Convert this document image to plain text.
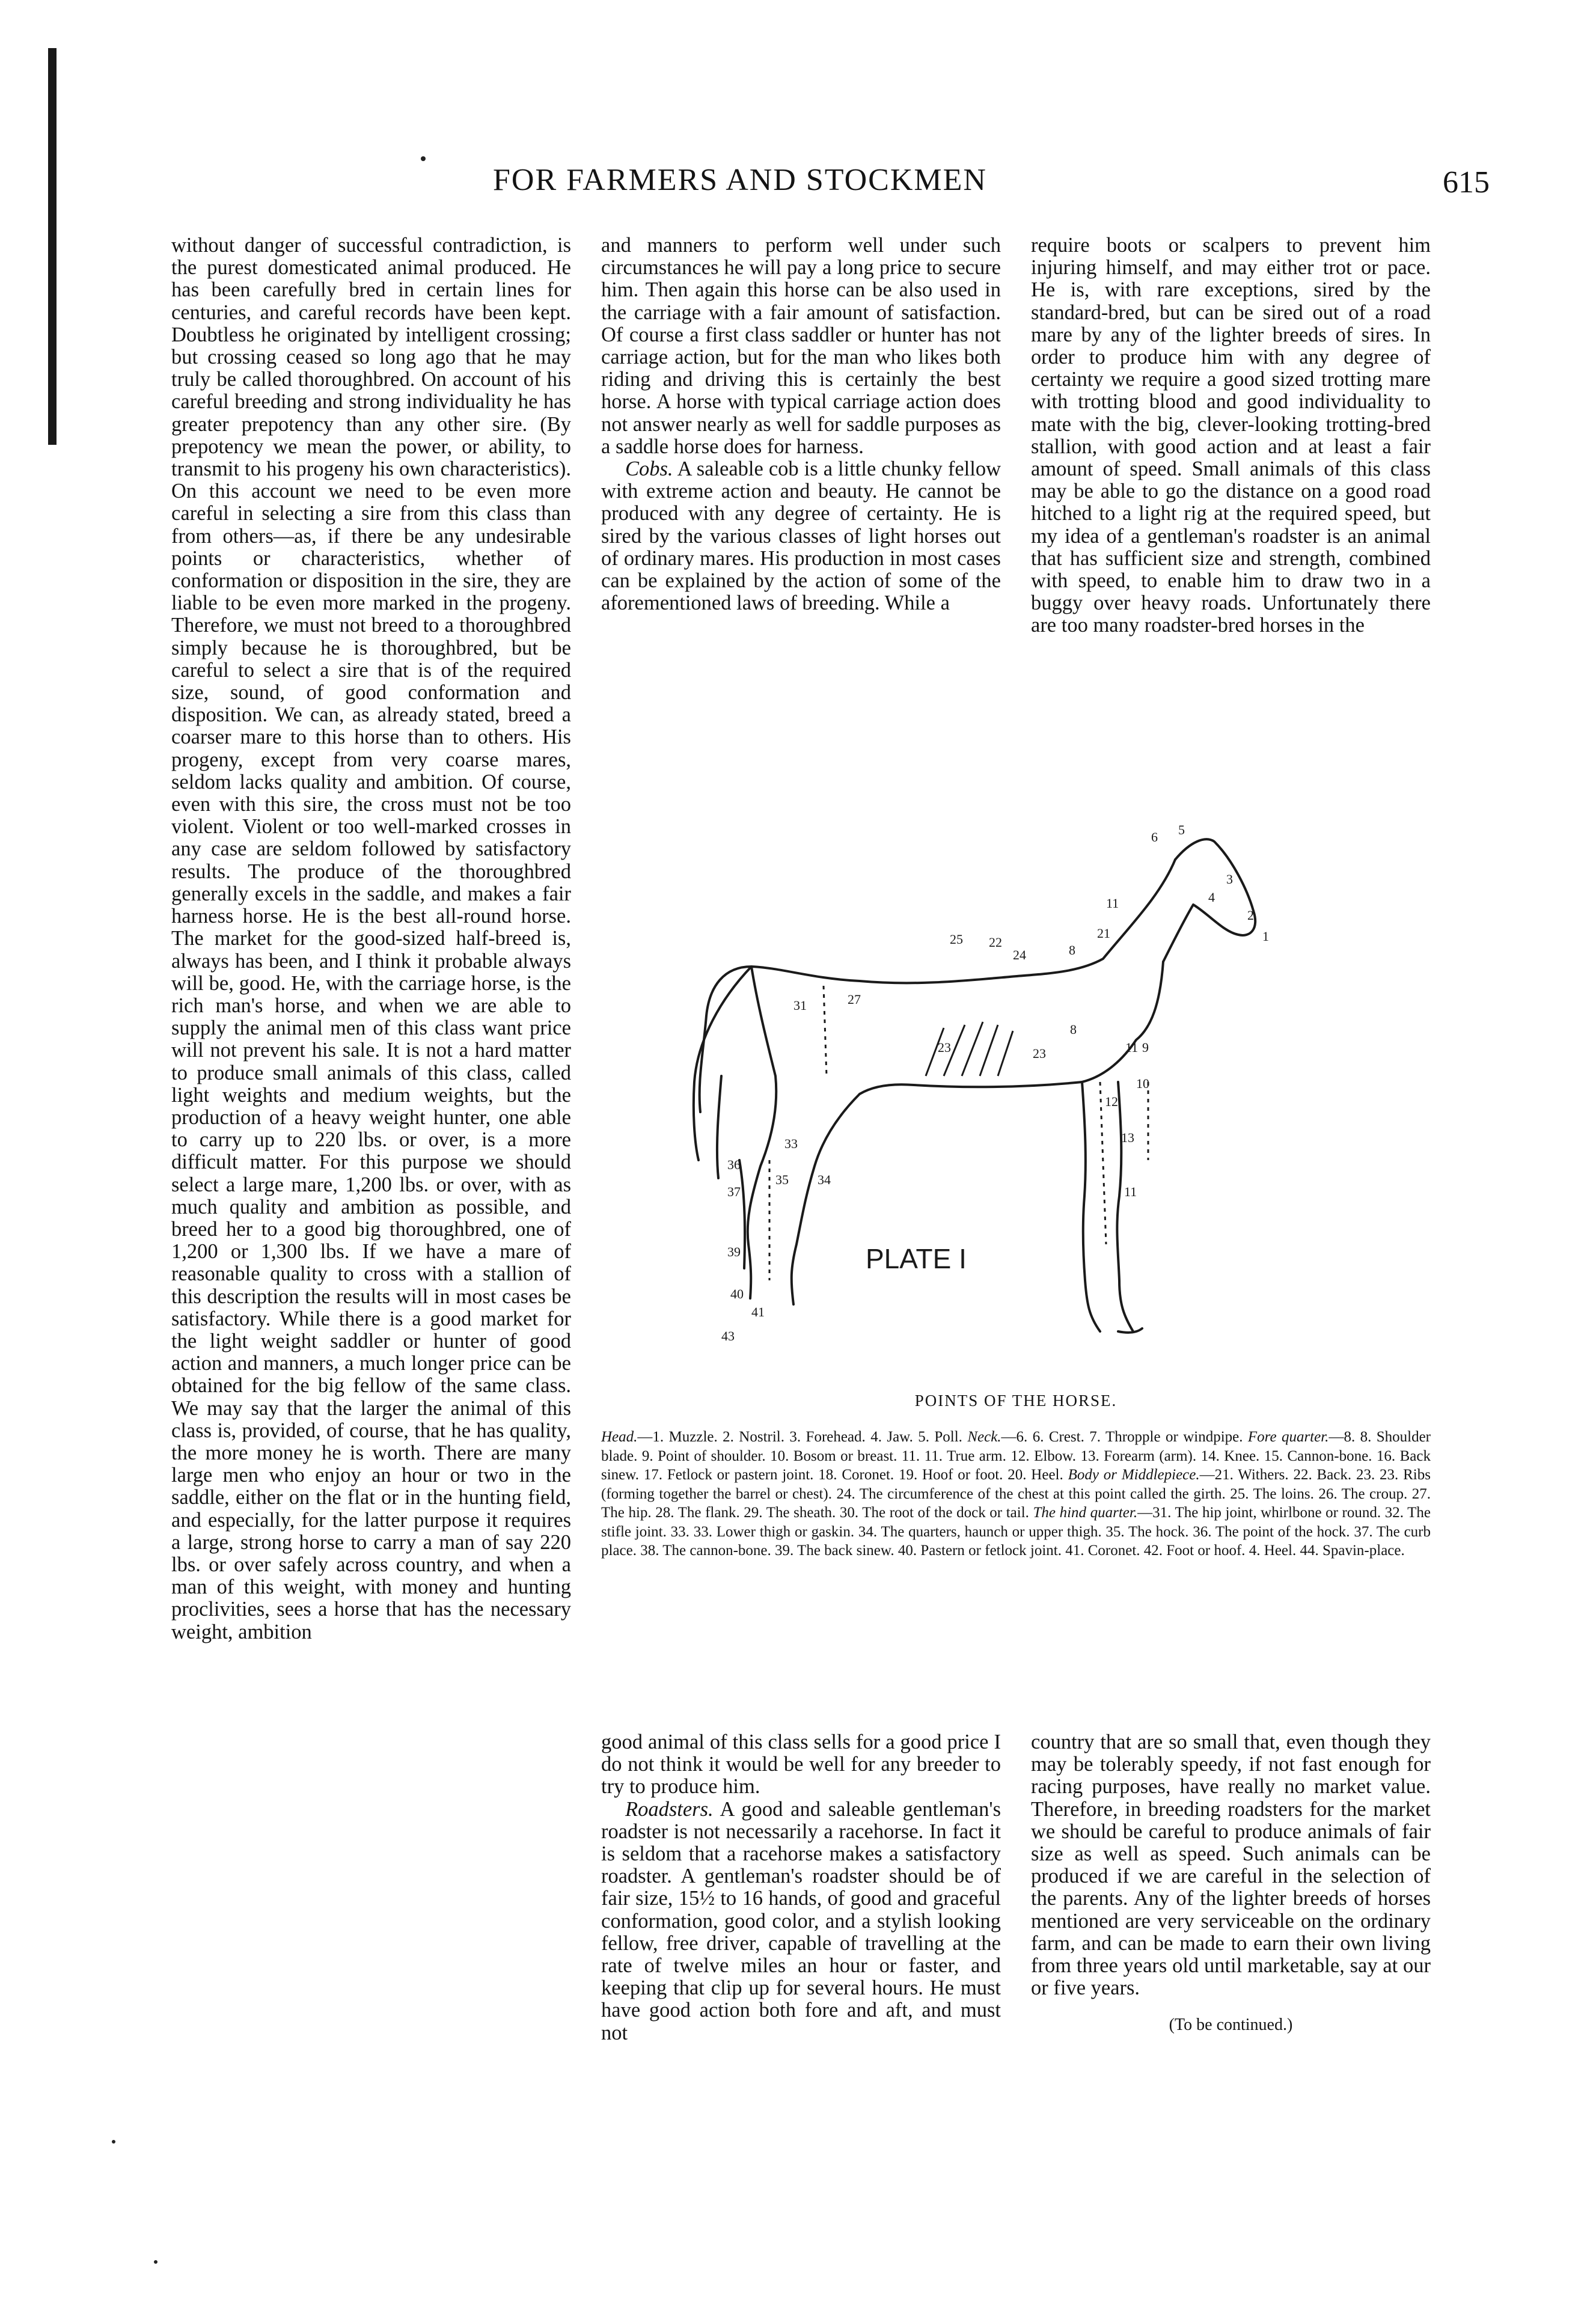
FOR FARMERS AND STOCKMEN	615

without danger of successful contradiction, is the purest domesticated animal produced. He has been carefully bred in certain lines for centuries, and careful records have been kept. Doubtless he originated by intelligent crossing; but crossing ceased so long ago that he may truly be called thoroughbred. On account of his careful breeding and strong individuality he has greater prepotency than any other sire. (By prepotency we mean the power, or ability, to transmit to his progeny his own characteristics). On this account we need to be even more careful in selecting a sire from this class than from others—as, if there be any undesirable points or characteristics, whether of conformation or disposition in the sire, they are liable to be even more marked in the progeny. Therefore, we must not breed to a thoroughbred simply because he is thoroughbred, but be careful to select a sire that is of the required size, sound, of good conformation and disposition. We can, as already stated, breed a coarser mare to this horse than to others. His progeny, except from very coarse mares, seldom lacks quality and ambition. Of course, even with this sire, the cross must not be too violent. Violent or too well-marked crosses in any case are seldom followed by satisfactory results. The produce of the thoroughbred generally excels in the saddle, and makes a fair harness horse. He is the best all-round horse. The market for the good-sized half-breed is, always has been, and I think it probable always will be, good. He, with the carriage horse, is the rich man's horse, and when we are able to supply the animal men of this class want price will not prevent his sale. It is not a hard matter to produce small animals of this class, called light weights and medium weights, but the production of a heavy weight hunter, one able to carry up to 220 lbs. or over, is a more difficult matter. For this purpose we should select a large mare, 1,200 lbs. or over, with as much quality and ambition as possible, and breed her to a good big thoroughbred, one of 1,200 or 1,300 lbs. If we have a mare of reasonable quality to cross with a stallion of this description the results will in most cases be satisfactory. While there is a good market for the light weight saddler or hunter of good action and manners, a much longer price can be obtained for the big fellow of the same class. We may say that the larger the animal of this class is, provided, of course, that he has quality, the more money he is worth. There are many large men who enjoy an hour or two in the saddle, either on the flat or in the hunting field, and especially, for the latter purpose it requires a large, strong horse to carry a man of say 220 lbs. or over safely across country, and when a man of this weight, with money and hunting proclivities, sees a horse that has the necessary weight, ambition

and manners to perform well under such circumstances he will pay a long price to secure him. Then again this horse can be also used in the carriage with a fair amount of satisfaction. Of course a first class saddler or hunter has not carriage action, but for the man who likes both riding and driving this is certainly the best horse. A horse with typical carriage action does not answer nearly as well for saddle purposes as a saddle horse does for harness.

Cobs. A saleable cob is a little chunky fellow with extreme action and beauty. He cannot be produced with any degree of certainty. He is sired by the various classes of light horses out of ordinary mares. His production in most cases can be explained by the action of some of the aforementioned laws of breeding. While a

require boots or scalpers to prevent him injuring himself, and may either trot or pace. He is, with rare exceptions, sired by the standard-bred, but can be sired out of a road mare by any of the lighter breeds of sires. In order to produce him with any degree of certainty we require a good sized trotting mare with trotting blood and good individuality to mate with the big, clever-looking trotting-bred stallion, with good action and at least a fair amount of speed. Small animals of this class may be able to go the distance on a good road hitched to a light rig at the required speed, but my idea of a gentleman's roadster is an animal that has sufficient size and strength, combined with speed, to enable him to draw two in a buggy over heavy roads. Unfortunately there are too many roadster-bred horses in the

PLATE I
1
2
3
4
5
6
11
8
8
9
10
11
12
13
11
21
24
31
22
23	23
25
27
33
34
35
36
37
39
40
41
43
POINTS OF THE HORSE.
Head.—1. Muzzle. 2. Nostril. 3. Forehead. 4. Jaw. 5. Poll. Neck.—6. 6. Crest. 7. Thropple or windpipe. Fore quarter.—8. 8. Shoulder blade. 9. Point of shoulder. 10. Bosom or breast. 11. 11. True arm. 12. Elbow. 13. Forearm (arm). 14. Knee. 15. Cannon-bone. 16. Back sinew. 17. Fetlock or pastern joint. 18. Coronet. 19. Hoof or foot. 20. Heel. Body or Middlepiece.—21. Withers. 22. Back. 23. 23. Ribs (forming together the barrel or chest). 24. The circumference of the chest at this point called the girth. 25. The loins. 26. The croup. 27. The hip. 28. The flank. 29. The sheath. 30. The root of the dock or tail. The hind quarter.—31. The hip joint, whirlbone or round. 32. The stifle joint. 33. 33. Lower thigh or gaskin. 34. The quarters, haunch or upper thigh. 35. The hock. 36. The point of the hock. 37. The curb place. 38. The cannon-bone. 39. The back sinew. 40. Pastern or fetlock joint. 41. Coronet. 42. Foot or hoof. 4. Heel. 44. Spavin-place.

good animal of this class sells for a good price I do not think it would be well for any breeder to try to produce him.

Roadsters. A good and saleable gentleman's roadster is not necessarily a racehorse. In fact it is seldom that a racehorse makes a satisfactory roadster. A gentleman's roadster should be of fair size, 15½ to 16 hands, of good and graceful conformation, good color, and a stylish looking fellow, free driver, capable of travelling at the rate of twelve miles an hour or faster, and keeping that clip up for several hours. He must have good action both fore and aft, and must not

country that are so small that, even though they may be tolerably speedy, if not fast enough for racing purposes, have really no market value. Therefore, in breeding roadsters for the market we should be careful to produce animals of fair size as well as speed. Such animals can be produced if we are careful in the selection of the parents. Any of the lighter breeds of horses mentioned are very serviceable on the ordinary farm, and can be made to earn their own living from three years old until marketable, say at our or five years.

(To be continued.)
